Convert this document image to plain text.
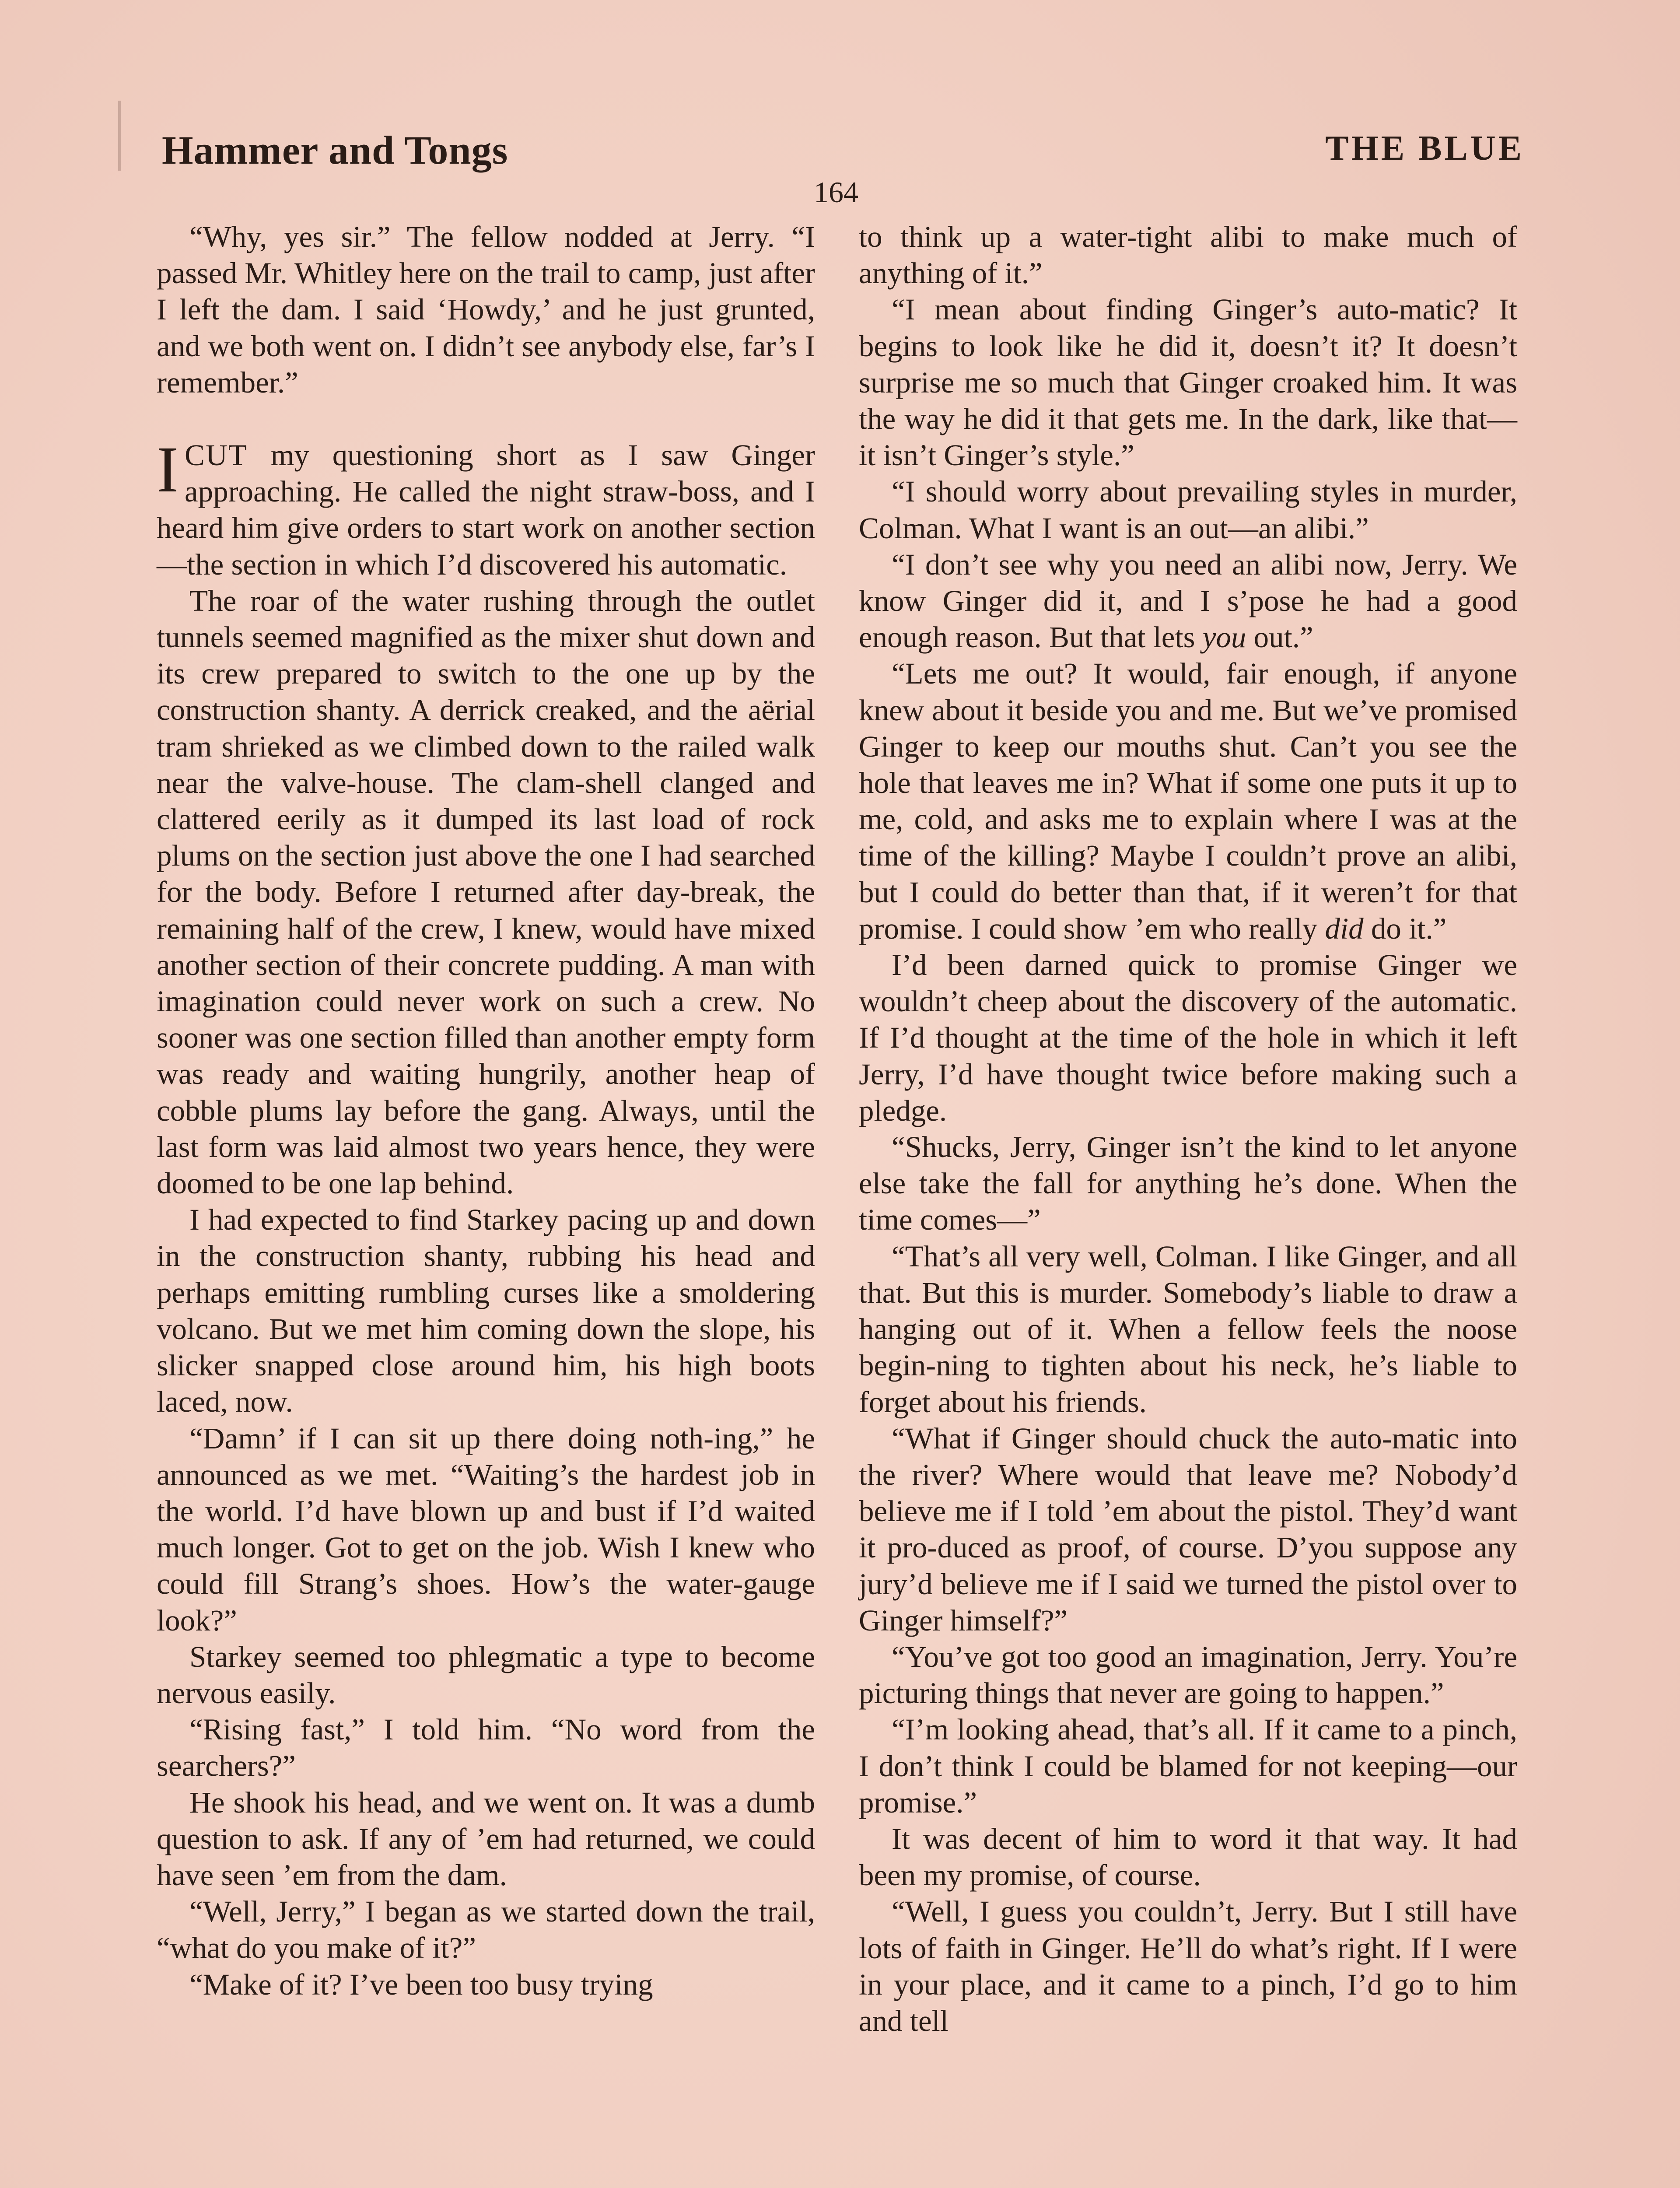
Hammer and Tongs	THE BLUE
164

“Why, yes sir.” The fellow nodded at Jerry. “I passed Mr. Whitley here on the trail to camp, just after I left the dam. I said ‘Howdy,’ and he just grunted, and we both went on. I didn’t see anybody else, far’s I remember.”

ICUT my questioning short as I saw Ginger approaching. He called the night straw-boss, and I heard him give orders to start work on another section—the section in which I’d discovered his automatic.

The roar of the water rushing through the outlet tunnels seemed magnified as the mixer shut down and its crew prepared to switch to the one up by the construction shanty. A derrick creaked, and the aërial tram shrieked as we climbed down to the railed walk near the valve-house. The clam-shell clanged and clattered eerily as it dumped its last load of rock plums on the section just above the one I had searched for the body. Before I returned after day-break, the remaining half of the crew, I knew, would have mixed another section of their concrete pudding. A man with imagination could never work on such a crew. No sooner was one section filled than another empty form was ready and waiting hungrily, another heap of cobble plums lay before the gang. Always, until the last form was laid almost two years hence, they were doomed to be one lap behind.

I had expected to find Starkey pacing up and down in the construction shanty, rubbing his head and perhaps emitting rumbling curses like a smoldering volcano. But we met him coming down the slope, his slicker snapped close around him, his high boots laced, now.

“Damn’ if I can sit up there doing noth-ing,” he announced as we met. “Waiting’s the hardest job in the world. I’d have blown up and bust if I’d waited much longer. Got to get on the job. Wish I knew who could fill Strang’s shoes. How’s the water-gauge look?”

Starkey seemed too phlegmatic a type to become nervous easily.

“Rising fast,” I told him. “No word from the searchers?”

He shook his head, and we went on. It was a dumb question to ask. If any of ’em had returned, we could have seen ’em from the dam.

“Well, Jerry,” I began as we started down the trail, “what do you make of it?”

“Make of it? I’ve been too busy trying

to think up a water-tight alibi to make much of anything of it.”

“I mean about finding Ginger’s auto-matic? It begins to look like he did it, doesn’t it? It doesn’t surprise me so much that Ginger croaked him. It was the way he did it that gets me. In the dark, like that—it isn’t Ginger’s style.”

“I should worry about prevailing styles in murder, Colman. What I want is an out—an alibi.”

“I don’t see why you need an alibi now, Jerry. We know Ginger did it, and I s’pose he had a good enough reason. But that lets you out.”

“Lets me out? It would, fair enough, if anyone knew about it beside you and me. But we’ve promised Ginger to keep our mouths shut. Can’t you see the hole that leaves me in? What if some one puts it up to me, cold, and asks me to explain where I was at the time of the killing? Maybe I couldn’t prove an alibi, but I could do better than that, if it weren’t for that promise. I could show ’em who really did do it.”

I’d been darned quick to promise Ginger we wouldn’t cheep about the discovery of the automatic. If I’d thought at the time of the hole in which it left Jerry, I’d have thought twice before making such a pledge.

“Shucks, Jerry, Ginger isn’t the kind to let anyone else take the fall for anything he’s done. When the time comes—”

“That’s all very well, Colman. I like Ginger, and all that. But this is murder. Somebody’s liable to draw a hanging out of it. When a fellow feels the noose begin-ning to tighten about his neck, he’s liable to forget about his friends.

“What if Ginger should chuck the auto-matic into the river? Where would that leave me? Nobody’d believe me if I told ’em about the pistol. They’d want it pro-duced as proof, of course. D’you suppose any jury’d believe me if I said we turned the pistol over to Ginger himself?”

“You’ve got too good an imagination, Jerry. You’re picturing things that never are going to happen.”

“I’m looking ahead, that’s all. If it came to a pinch, I don’t think I could be blamed for not keeping—our promise.”

It was decent of him to word it that way. It had been my promise, of course.

“Well, I guess you couldn’t, Jerry. But I still have lots of faith in Ginger. He’ll do what’s right. If I were in your place, and it came to a pinch, I’d go to him and tell
